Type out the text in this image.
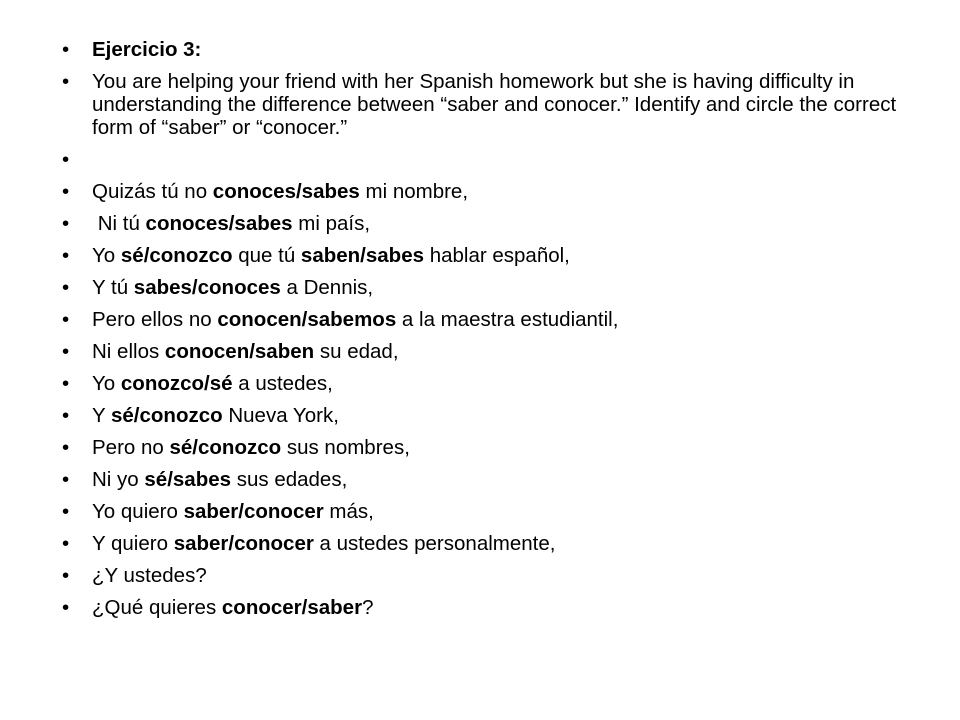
•	Ejercicio 3:
•	You are helping your friend with her Spanish homework but she is having difficulty in understanding the difference between “saber and conocer.” Identify and circle the correct form of “saber” or “conocer.”
•
•	Quizás tú no conoces/sabes mi nombre,
•	Ni tú conoces/sabes mi país,
•	Yo sé/conozco que tú saben/sabes hablar español,
•	Y tú sabes/conoces a Dennis,
•	Pero ellos no conocen/sabemos a la maestra estudiantil,
•	Ni ellos conocen/saben su edad,
•	Yo conozco/sé a ustedes,
•	Y sé/conozco Nueva York,
•	Pero no sé/conozco sus nombres,
•	Ni yo sé/sabes sus edades,
•	Yo quiero saber/conocer más,
•	Y quiero saber/conocer a ustedes personalmente,
•	¿Y ustedes?
•	¿Qué quieres conocer/saber?
